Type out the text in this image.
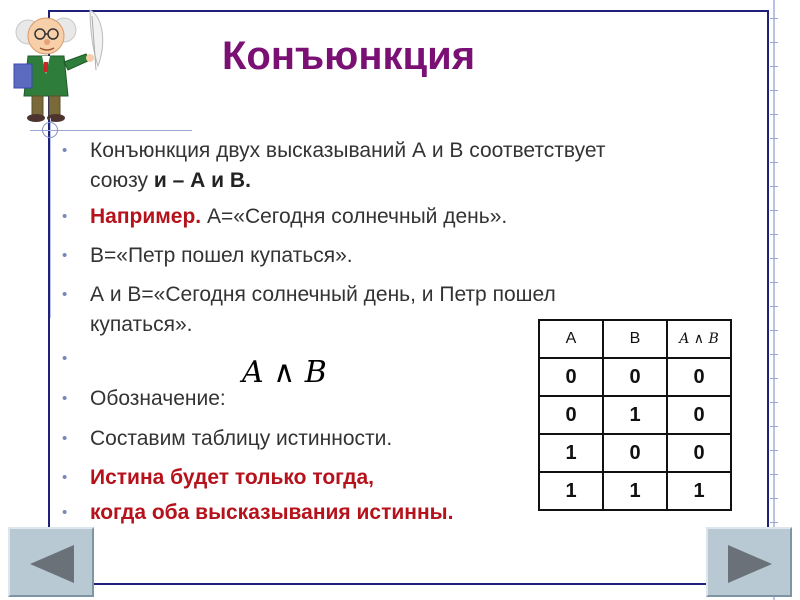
Конъюнкция
• Конъюнкция двух высказываний А и В соответствует
союзу и – А и В.
• Например. А=«Сегодня солнечный день».
• В=«Петр пошел купаться».
• А и В=«Сегодня солнечный день, и Петр пошел
купаться».
•
• Обозначение:
• Составим таблицу истинности.
• Истина будет только тогда,
• когда оба высказывания истинны.
A ∧ B
А	В	A ∧ B
0	0	0
0	1	0
1	0	0
1	1	1
